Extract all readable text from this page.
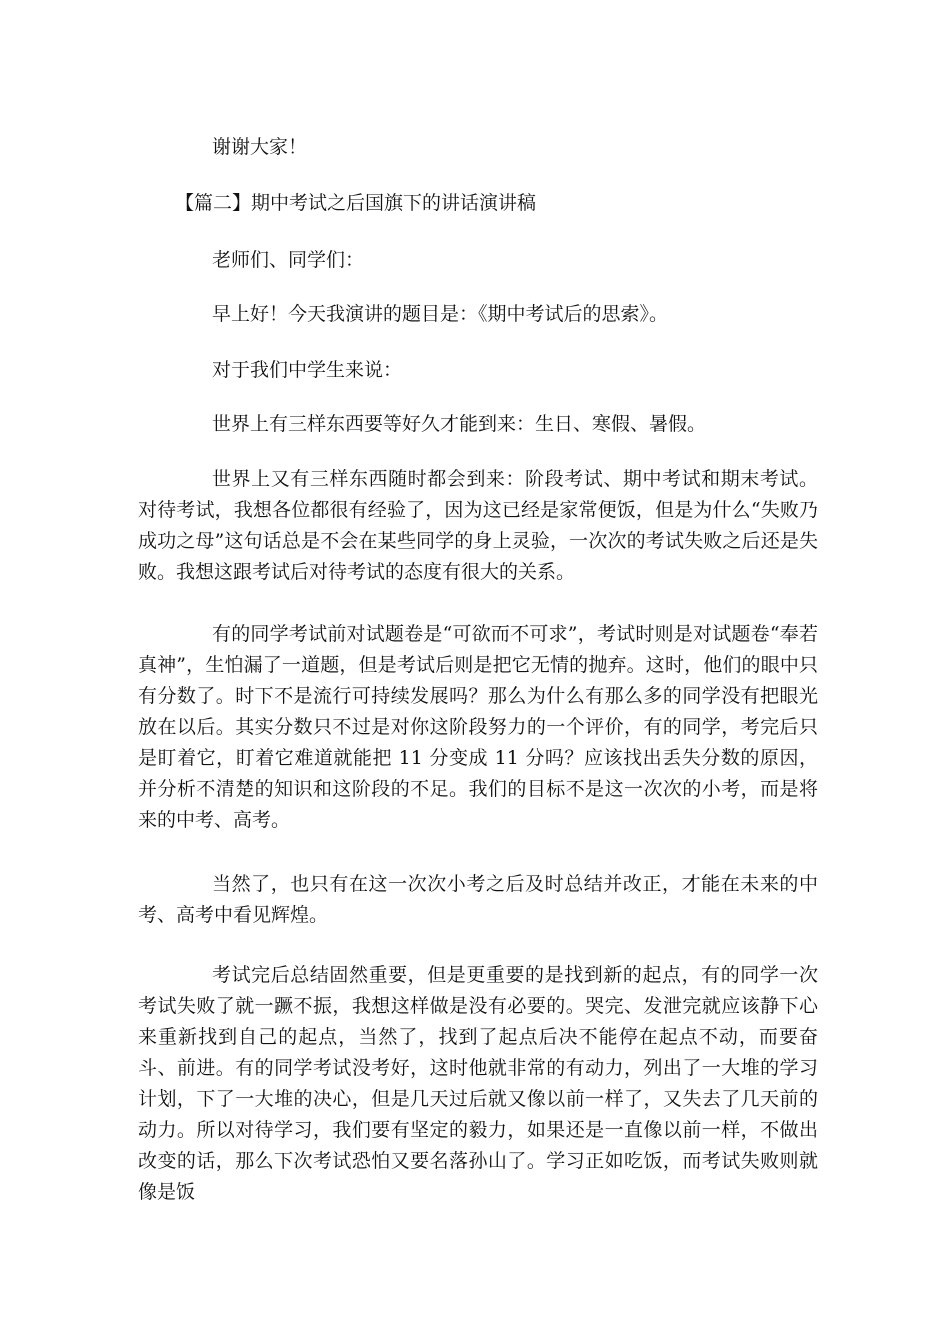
谢谢大家！

【篇二】期中考试之后国旗下的讲话演讲稿

老师们、同学们：

早上好！今天我演讲的题目是：《期中考试后的思索》。

对于我们中学生来说：

世界上有三样东西要等好久才能到来：生日、寒假、暑假。

世界上又有三样东西随时都会到来：阶段考试、期中考试和期末考试。对待考试，我想各位都很有经验了，因为这已经是家常便饭，但是为什么“失败乃成功之母”这句话总是不会在某些同学的身上灵验，一次次的考试失败之后还是失败。我想这跟考试后对待考试的态度有很大的关系。

有的同学考试前对试题卷是“可欲而不可求”，考试时则是对试题卷“奉若真神”，生怕漏了一道题，但是考试后则是把它无情的抛弃。这时，他们的眼中只有分数了。时下不是流行可持续发展吗？那么为什么有那么多的同学没有把眼光放在以后。其实分数只不过是对你这阶段努力的一个评价，有的同学，考完后只是盯着它，盯着它难道就能把 11 分变成 11 分吗？应该找出丢失分数的原因，并分析不清楚的知识和这阶段的不足。我们的目标不是这一次次的小考，而是将来的中考、高考。

当然了，也只有在这一次次小考之后及时总结并改正，才能在未来的中考、高考中看见辉煌。

考试完后总结固然重要，但是更重要的是找到新的起点，有的同学一次考试失败了就一蹶不振，我想这样做是没有必要的。哭完、发泄完就应该静下心来重新找到自己的起点，当然了，找到了起点后决不能停在起点不动，而要奋斗、前进。有的同学考试没考好，这时他就非常的有动力，列出了一大堆的学习计划，下了一大堆的决心，但是几天过后就又像以前一样了，又失去了几天前的动力。所以对待学习，我们要有坚定的毅力，如果还是一直像以前一样，不做出改变的话，那么下次考试恐怕又要名落孙山了。学习正如吃饭，而考试失败则就像是饭
